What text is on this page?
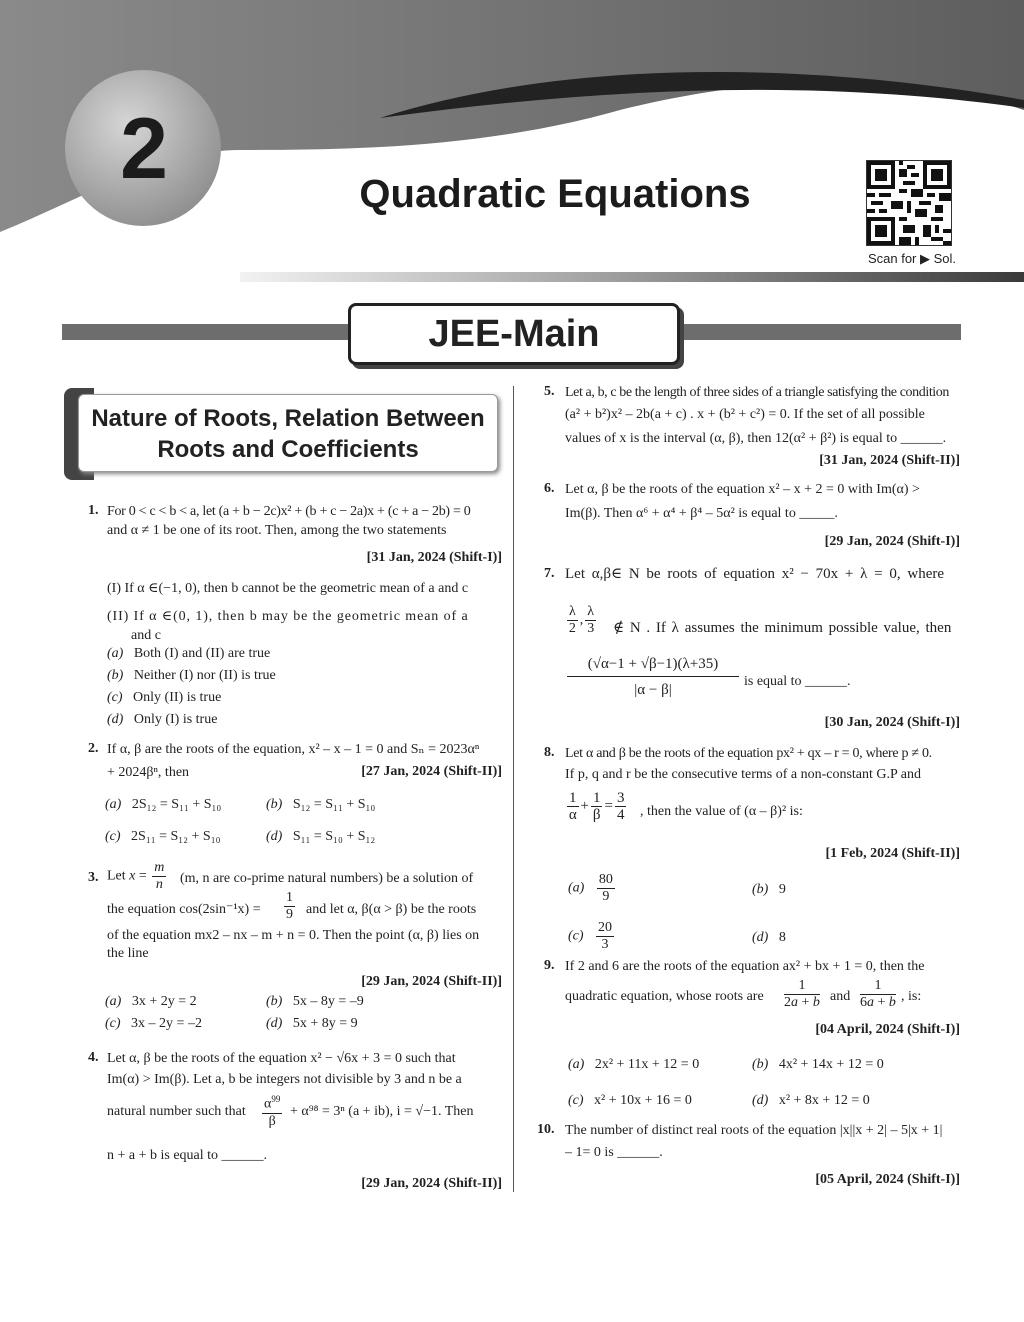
2	Quadratic Equations
Scan for ▶ Sol.
JEE-Main
Nature of Roots, Relation Between
Roots and Coefficients
1. For 0 < c < b < a, let (a + b − 2c)x² + (b + c − 2a)x + (c + a − 2b) = 0
and α ≠ 1 be one of its root. Then, among the two statements
[31 Jan, 2024 (Shift-I)]
(I) If α ∈(−1, 0), then b cannot be the geometric mean of a and c
(II) If α ∈(0, 1), then b may be the geometric mean of a
and c
(a) Both (I) and (II) are true
(b) Neither (I) nor (II) is true
(c) Only (II) is true
(d) Only (I) is true
2. If α, β are the roots of the equation, x² – x – 1 = 0 and Sₙ = 2023αⁿ
+ 2024βⁿ, then	[27 Jan, 2024 (Shift-II)]
(a) 2S₁₂ = S₁₁ + S₁₀	(b) S₁₂ = S₁₁ + S₁₀
(c) 2S₁₁ = S₁₂ + S₁₀	(d) S₁₁ = S₁₀ + S₁₂
3. Let $x = \frac{m}{n} (m$, n are co-prime natural numbers) be a solution of
the equation cos(2sin⁻¹x) =	$\frac{1}{9}$ and let α, β(α > β) be the roots
of the equation mx2 – nx – m + n = 0. Then the point (α, β) lies on
the line
[29 Jan, 2024 (Shift-II)]
(a) 3x + 2y = 2	(b) 5x – 8y = –9
(c) 3x – 2y = –2	(d) 5x + 8y = 9
4. Let α, β be the roots of the equation x² − √6x + 3 = 0 such that
Im(α) > Im(β). Let a, b be integers not divisible by 3 and n be a
natural number such that	$\frac{\alpha^{99}}{\beta} + \alpha^{98} = 3^n$ (a + ib), i = √−1. Then
n + a + b is equal to ______.
[29 Jan, 2024 (Shift-II)]
5. Let a, b, c be the length of three sides of a triangle satisfying the condition
(a² + b²)x² – 2b(a + c) . x + (b² + c²) = 0. If the set of all possible
values of x is the interval (α, β), then 12(α² + β²) is equal to ______.
[31 Jan, 2024 (Shift-II)]
6. Let α, β be the roots of the equation x² – x + 2 = 0 with Im(α) >
Im(β). Then α⁶ + α⁴ + β⁴ – 5α² is equal to _____.
[29 Jan, 2024 (Shift-I)]
7. Let α,β∈ N be roots of equation x² − 70x + λ = 0, where
$\frac{\lambda}{2}$ , $\frac{\lambda}{3}$ ∉ N . If λ assumes the minimum possible value, then
$\frac{(√\alpha-1 + √\beta-1)(\lambda+35)}{|\alpha - \beta|}$ is equal to ______.
[30 Jan, 2024 (Shift-I)]
8. Let α and β be the roots of the equation px² + qx – r = 0, where p ≠ 0.
If p, q and r be the consecutive terms of a non-constant G.P and
$\frac{1}{\alpha} + \frac{1}{\beta} = \frac{3}{4}$ , then the value of (α – β)² is:
[1 Feb, 2024 (Shift-II)]
$(a) \frac{80}{9}$	(b) 9
$(c) \frac{20}{3}$	(d) 8
9. If 2 and 6 are the roots of the equation ax² + bx + 1 = 0, then the
quadratic equation, whose roots are	$\frac{1}{2a + b}$ and $\frac{1}{6a + b}$ , is:
[04 April, 2024 (Shift-I)]
(a) 2x² + 11x + 12 = 0	(b) 4x² + 14x + 12 = 0
(c) x² + 10x + 16 = 0	(d) x² + 8x + 12 = 0
10. The number of distinct real roots of the equation |x||x + 2| – 5|x + 1|
– 1= 0 is ______.
[05 April, 2024 (Shift-I)]
